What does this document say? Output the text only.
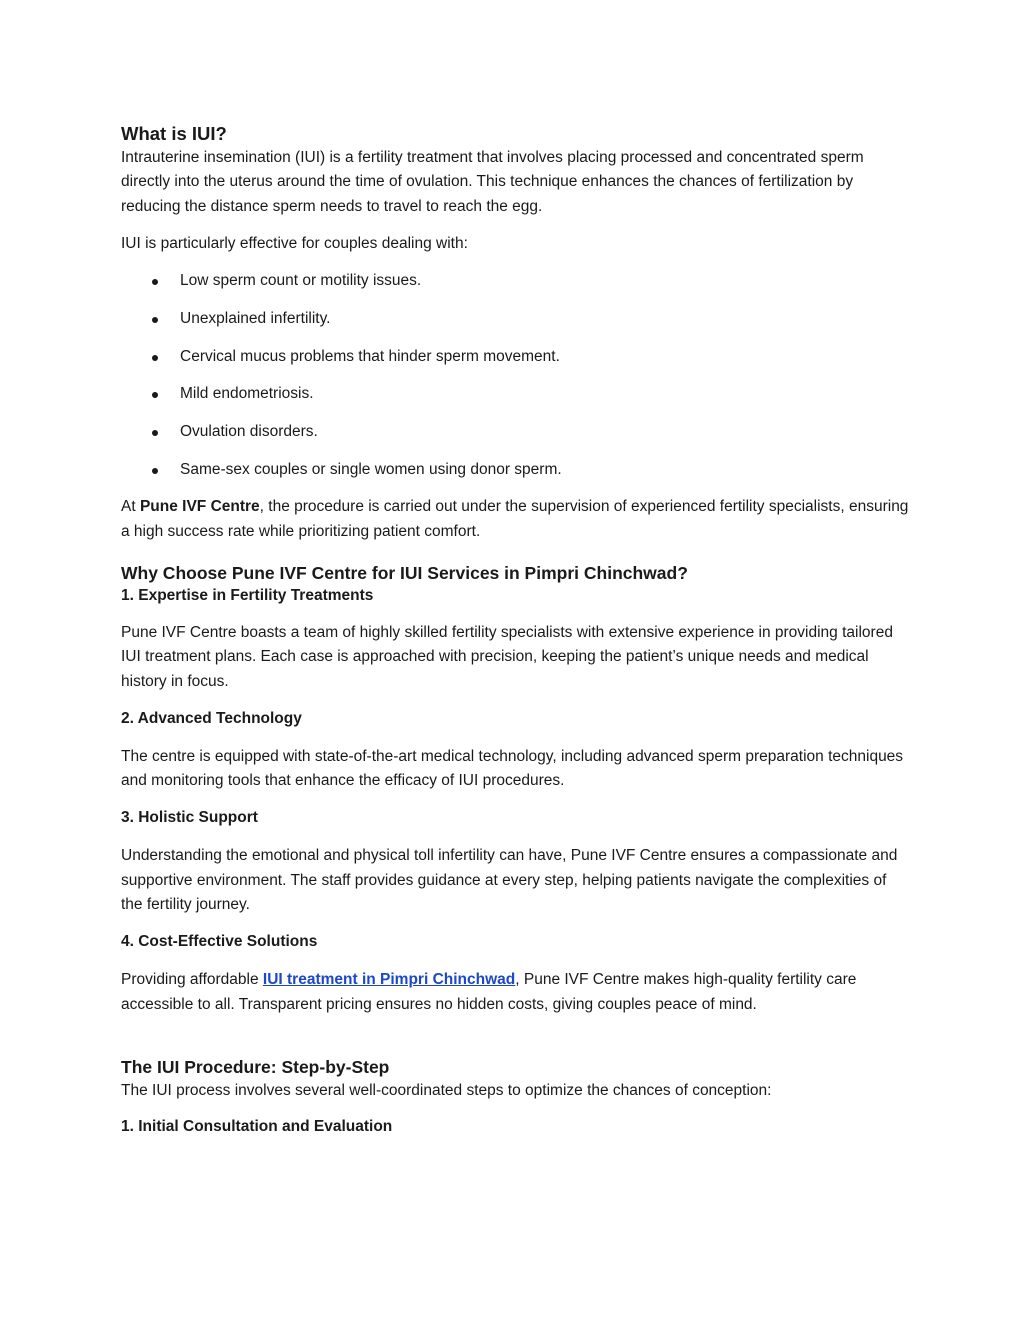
What is IUI?

Intrauterine insemination (IUI) is a fertility treatment that involves placing processed and concentrated sperm directly into the uterus around the time of ovulation. This technique enhances the chances of fertilization by reducing the distance sperm needs to travel to reach the egg.

IUI is particularly effective for couples dealing with:

Low sperm count or motility issues.
Unexplained infertility.
Cervical mucus problems that hinder sperm movement.
Mild endometriosis.
Ovulation disorders.
Same-sex couples or single women using donor sperm.

At Pune IVF Centre, the procedure is carried out under the supervision of experienced fertility specialists, ensuring a high success rate while prioritizing patient comfort.

Why Choose Pune IVF Centre for IUI Services in Pimpri Chinchwad?
1. Expertise in Fertility Treatments

Pune IVF Centre boasts a team of highly skilled fertility specialists with extensive experience in providing tailored IUI treatment plans. Each case is approached with precision, keeping the patient’s unique needs and medical history in focus.

2. Advanced Technology

The centre is equipped with state-of-the-art medical technology, including advanced sperm preparation techniques and monitoring tools that enhance the efficacy of IUI procedures.

3. Holistic Support

Understanding the emotional and physical toll infertility can have, Pune IVF Centre ensures a compassionate and supportive environment. The staff provides guidance at every step, helping patients navigate the complexities of the fertility journey.

4. Cost-Effective Solutions

Providing affordable IUI treatment in Pimpri Chinchwad, Pune IVF Centre makes high-quality fertility care accessible to all. Transparent pricing ensures no hidden costs, giving couples peace of mind.

The IUI Procedure: Step-by-Step

The IUI process involves several well-coordinated steps to optimize the chances of conception:

1. Initial Consultation and Evaluation
